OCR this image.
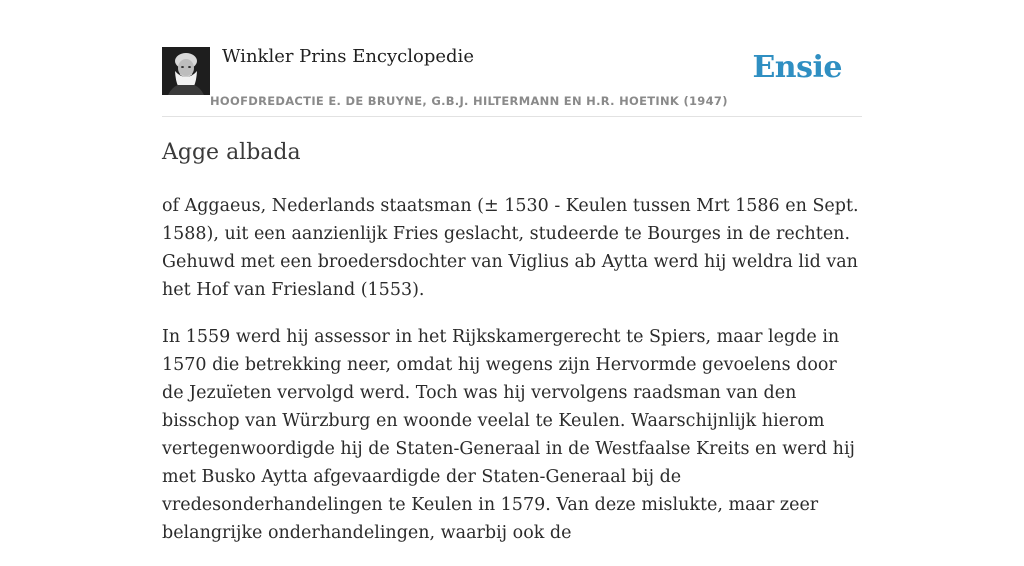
Winkler Prins Encyclopedie
HOOFDREDACTIE E. DE BRUYNE, G.B.J. HILTERMANN EN H.R. HOETINK (1947)
Ensie
Agge albada

of Aggaeus, Nederlands staatsman (± 1530 - Keulen tussen Mrt 1586 en Sept. 1588), uit een aanzienlijk Fries geslacht, studeerde te Bourges in de rechten. Gehuwd met een broedersdochter van Viglius ab Aytta werd hij weldra lid van het Hof van Friesland (1553).

In 1559 werd hij assessor in het Rijkskamergerecht te Spiers, maar legde in 1570 die betrekking neer, omdat hij wegens zijn Hervormde gevoelens door de Jezuïeten vervolgd werd. Toch was hij vervolgens raadsman van den bisschop van Würzburg en woonde veelal te Keulen. Waarschijnlijk hierom vertegenwoordigde hij de Staten-Generaal in de Westfaalse Kreits en werd hij met Busko Aytta afgevaardigde der Staten-Generaal bij de vredesonderhandelingen te Keulen in 1579. Van deze mislukte, maar zeer belangrijke onderhandelingen, waarbij ook de
